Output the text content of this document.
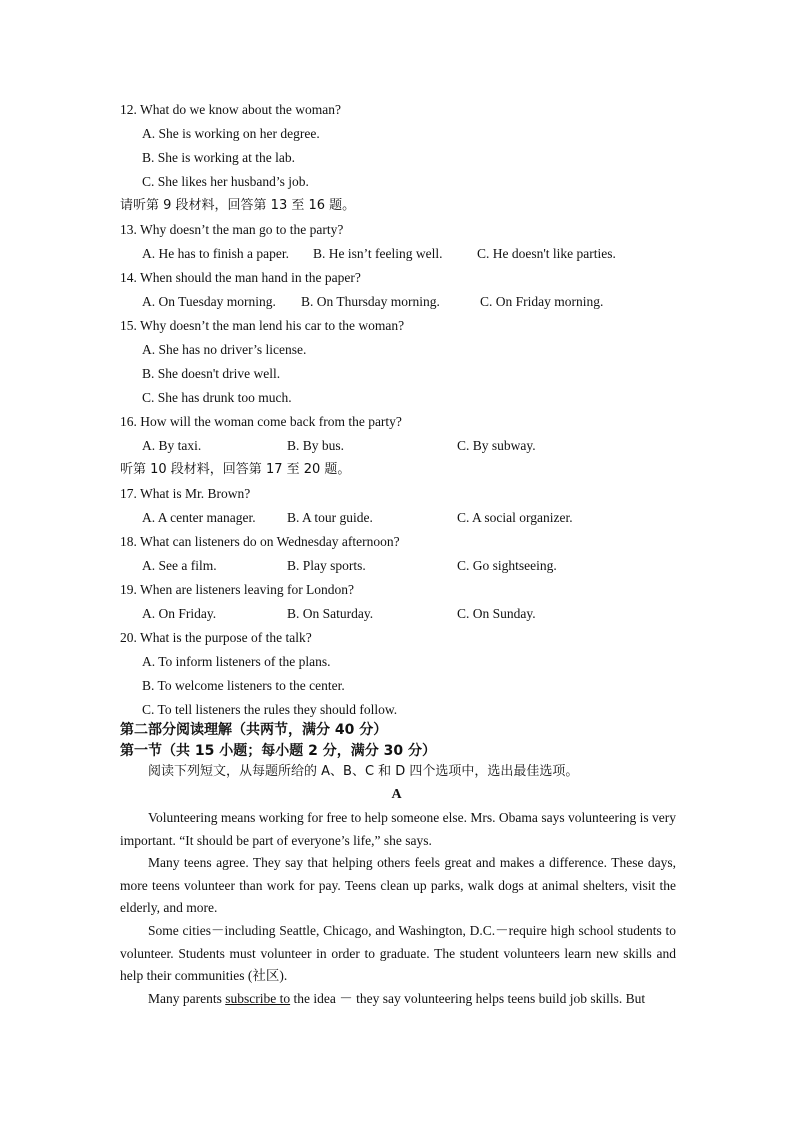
12. What do we know about the woman?
A. She is working on her degree.
B. She is working at the lab.
C. She likes her husband’s job.
请听第 9 段材料，回答第 13 至 16 题。
13. Why doesn’t the man go to the party?
A. He has to finish a paper. B. He isn’t feeling well.	C. He doesn't like parties.
14. When should the man hand in the paper?
A. On Tuesday morning. B. On Thursday morning.	C. On Friday morning.
15. Why doesn’t the man lend his car to the woman?
A. She has no driver’s license.
B. She doesn't drive well.
C. She has drunk too much.
16. How will the woman come back from the party?
A. By taxi.	B. By bus.	C. By subway.
听第 10 段材料，回答第 17 至 20 题。
17. What is Mr. Brown?
A. A center manager. B. A tour guide.	C. A social organizer.
18. What can listeners do on Wednesday afternoon?
A. See a film.	B. Play sports.	C. Go sightseeing.
19. When are listeners leaving for London?
A. On Friday.	B. On Saturday.	C. On Sunday.
20. What is the purpose of the talk?
A. To inform listeners of the plans.
B. To welcome listeners to the center.
C. To tell listeners the rules they should follow.
第二部分阅读理解（共两节，满分 40 分）
第一节（共 15 小题；每小题 2 分，满分 30 分）
阅读下列短文，从每题所给的 A、B、C 和 D 四个选项中，选出最佳选项。
A

Volunteering means working for free to help someone else. Mrs. Obama says volunteering is very important. “It should be part of everyone’s life,” she says.

Many teens agree. They say that helping others feels great and makes a difference. These days, more teens volunteer than work for pay. Teens clean up parks, walk dogs at animal shelters, visit the elderly, and more.

Some cities－including Seattle, Chicago, and Washington, D.C.－require high school students to volunteer. Students must volunteer in order to graduate. The student volunteers learn new skills and help their communities (社区).

Many parents subscribe to the idea － they say volunteering helps teens build job skills. But
